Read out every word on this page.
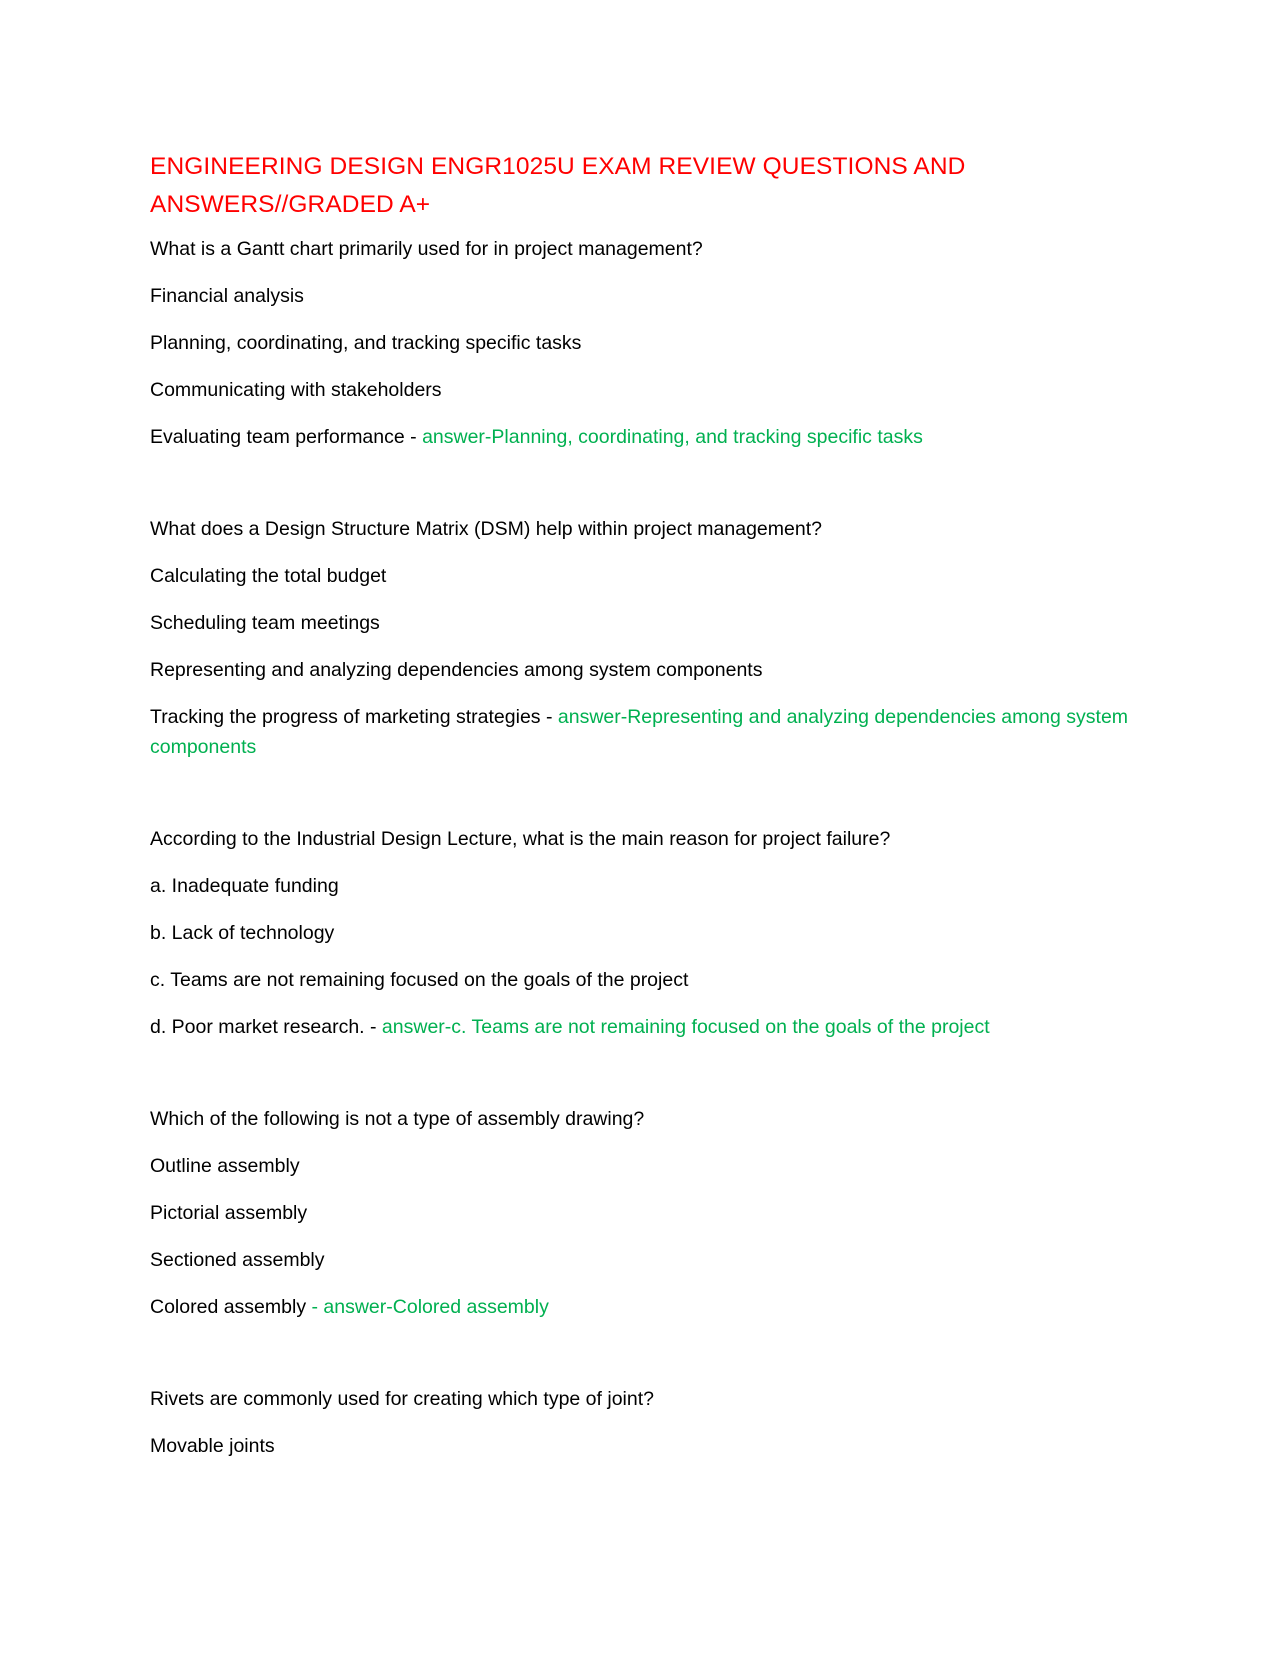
ENGINEERING DESIGN ENGR1025U EXAM REVIEW QUESTIONS AND ANSWERS//GRADED A+

What is a Gantt chart primarily used for in project management?

Financial analysis

Planning, coordinating, and tracking specific tasks

Communicating with stakeholders

Evaluating team performance - answer-Planning, coordinating, and tracking specific tasks

What does a Design Structure Matrix (DSM) help within project management?

Calculating the total budget

Scheduling team meetings

Representing and analyzing dependencies among system components

Tracking the progress of marketing strategies - answer-Representing and analyzing dependencies among system components

According to the Industrial Design Lecture, what is the main reason for project failure?

a. Inadequate funding

b. Lack of technology

c. Teams are not remaining focused on the goals of the project

d. Poor market research. - answer-c. Teams are not remaining focused on the goals of the project

Which of the following is not a type of assembly drawing?

Outline assembly

Pictorial assembly

Sectioned assembly

Colored assembly - answer-Colored assembly

Rivets are commonly used for creating which type of joint?

Movable joints
